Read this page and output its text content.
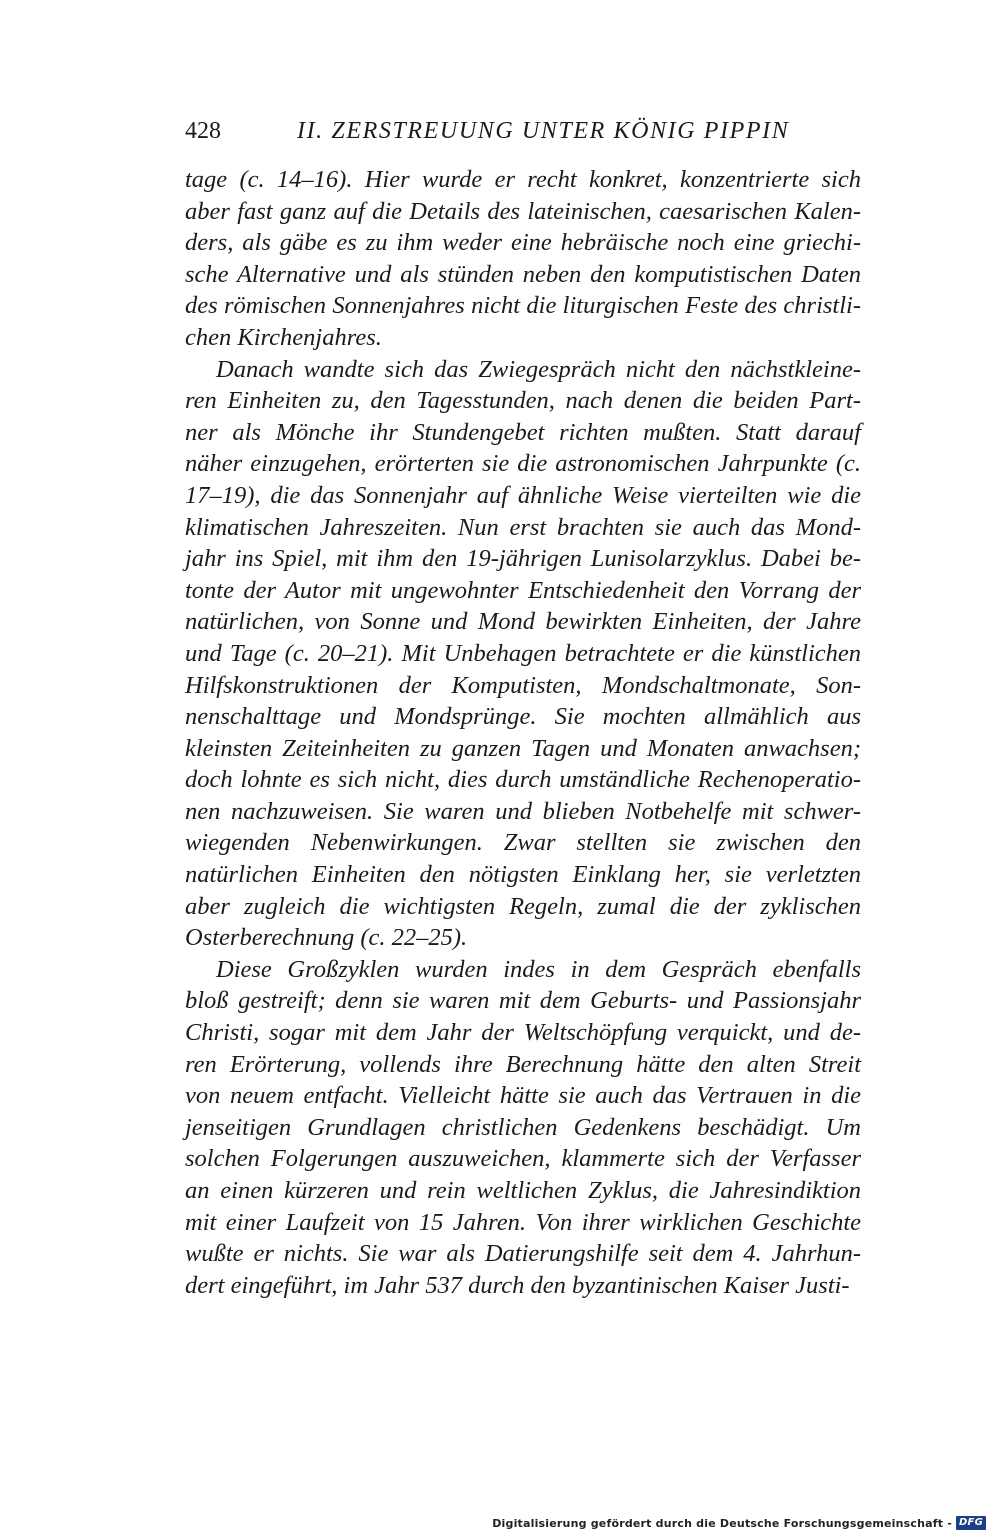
428	II. ZERSTREUUNG UNTER KÖNIG PIPPIN
tage (c. 14–16). Hier wurde er recht konkret, konzentrierte sich
aber fast ganz auf die Details des lateinischen, caesarischen Kalen-
ders, als gäbe es zu ihm weder eine hebräische noch eine griechi-
sche Alternative und als stünden neben den komputistischen Daten
des römischen Sonnenjahres nicht die liturgischen Feste des christli-
chen Kirchenjahres.
Danach wandte sich das Zwiegespräch nicht den nächstkleine-
ren Einheiten zu, den Tagesstunden, nach denen die beiden Part-
ner als Mönche ihr Stundengebet richten mußten. Statt darauf
näher einzugehen, erörterten sie die astronomischen Jahrpunkte (c.
17–19), die das Sonnenjahr auf ähnliche Weise vierteilten wie die
klimatischen Jahreszeiten. Nun erst brachten sie auch das Mond-
jahr ins Spiel, mit ihm den 19-jährigen Lunisolarzyklus. Dabei be-
tonte der Autor mit ungewohnter Entschiedenheit den Vorrang der
natürlichen, von Sonne und Mond bewirkten Einheiten, der Jahre
und Tage (c. 20–21). Mit Unbehagen betrachtete er die künstlichen
Hilfskonstruktionen der Komputisten, Mondschaltmonate, Son-
nenschalttage und Mondsprünge. Sie mochten allmählich aus
kleinsten Zeiteinheiten zu ganzen Tagen und Monaten anwachsen;
doch lohnte es sich nicht, dies durch umständliche Rechenoperatio-
nen nachzuweisen. Sie waren und blieben Notbehelfe mit schwer-
wiegenden Nebenwirkungen. Zwar stellten sie zwischen den
natürlichen Einheiten den nötigsten Einklang her, sie verletzten
aber zugleich die wichtigsten Regeln, zumal die der zyklischen
Osterberechnung (c. 22–25).
Diese Großzyklen wurden indes in dem Gespräch ebenfalls
bloß gestreift; denn sie waren mit dem Geburts- und Passionsjahr
Christi, sogar mit dem Jahr der Weltschöpfung verquickt, und de-
ren Erörterung, vollends ihre Berechnung hätte den alten Streit
von neuem entfacht. Vielleicht hätte sie auch das Vertrauen in die
jenseitigen Grundlagen christlichen Gedenkens beschädigt. Um
solchen Folgerungen auszuweichen, klammerte sich der Verfasser
an einen kürzeren und rein weltlichen Zyklus, die Jahresindiktion
mit einer Laufzeit von 15 Jahren. Von ihrer wirklichen Geschichte
wußte er nichts. Sie war als Datierungshilfe seit dem 4. Jahrhun-
dert eingeführt, im Jahr 537 durch den byzantinischen Kaiser Justi-
Digitalisierung gefördert durch die Deutsche Forschungsgemeinschaft - DFG
